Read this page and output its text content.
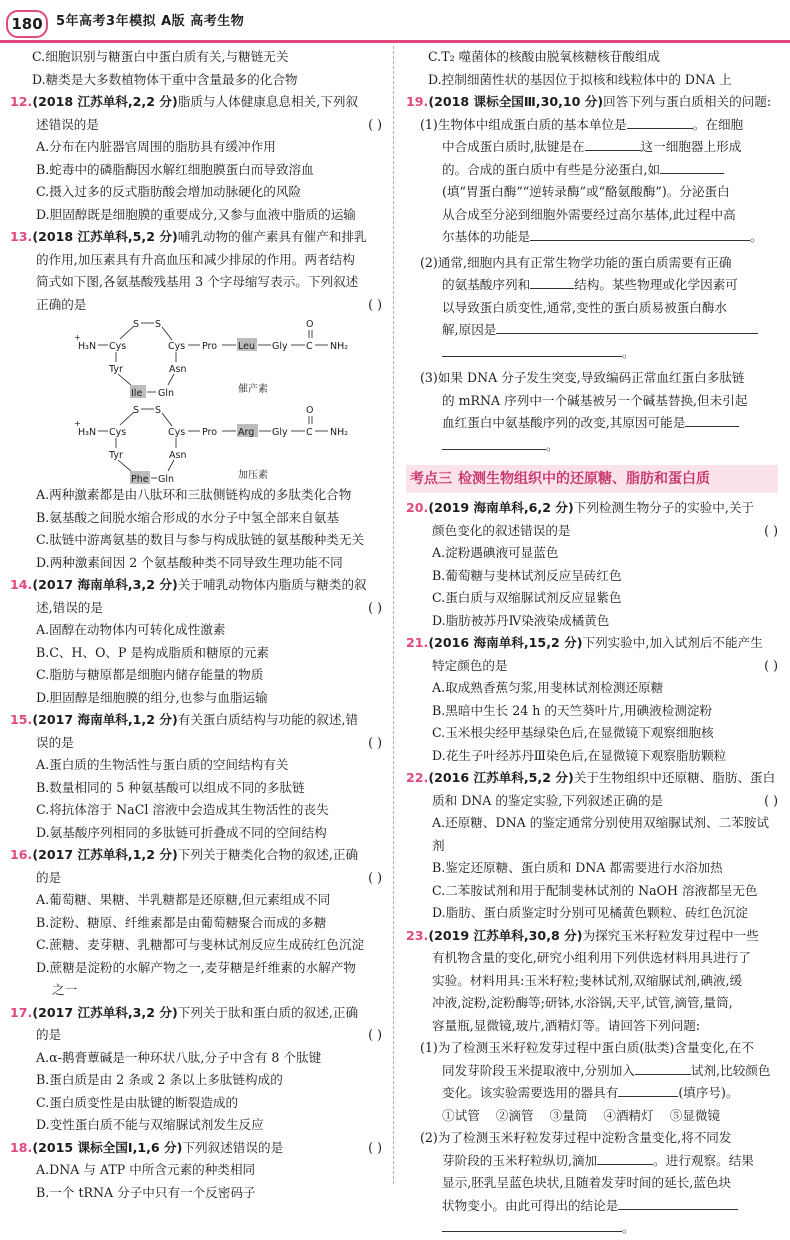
180	5年高考3年模拟 A版 高考生物
C.细胞识别与糖蛋白中蛋白质有关,与糖链无关
D.糖类是大多数植物体干重中含量最多的化合物
12.(2018 江苏单科,2,2 分)脂质与人体健康息息相关,下列叙
述错误的是	( )
A.分布在内脏器官周围的脂肪具有缓冲作用
B.蛇毒中的磷脂酶因水解红细胞膜蛋白而导致溶血
C.摄入过多的反式脂肪酸会增加动脉硬化的风险
D.胆固醇既是细胞膜的重要成分,又参与血液中脂质的运输
13.(2018 江苏单科,5,2 分)哺乳动物的催产素具有催产和排乳
的作用,加压素具有升高血压和减少排尿的作用。两者结构
简式如下图,各氨基酸残基用 3 个字母缩写表示。下列叙述
正确的是	( )
H₃N
+
Cys
S S
Cys Pro Leu Gly C
O
NH₂
Tyr	Asn
Ile Gln	催产素
H₃N
+
Cys
S S
Cys Pro Arg Gly C
O
NH₂
Tyr	Asn
Phe Gln	加压素
A.两种激素都是由八肽环和三肽侧链构成的多肽类化合物
B.氨基酸之间脱水缩合形成的水分子中氢全部来自氨基
C.肽链中游离氨基的数目与参与构成肽链的氨基酸种类无关
D.两种激素间因 2 个氨基酸种类不同导致生理功能不同
14.(2017 海南单科,3,2 分)关于哺乳动物体内脂质与糖类的叙
述,错误的是	( )
A.固醇在动物体内可转化成性激素
B.C、H、O、P 是构成脂质和糖原的元素
C.脂肪与糖原都是细胞内储存能量的物质
D.胆固醇是细胞膜的组分,也参与血脂运输
15.(2017 海南单科,1,2 分)有关蛋白质结构与功能的叙述,错
误的是	( )
A.蛋白质的生物活性与蛋白质的空间结构有关
B.数量相同的 5 种氨基酸可以组成不同的多肽链
C.将抗体溶于 NaCl 溶液中会造成其生物活性的丧失
D.氨基酸序列相同的多肽链可折叠成不同的空间结构
16.(2017 江苏单科,1,2 分)下列关于糖类化合物的叙述,正确
的是	( )
A.葡萄糖、果糖、半乳糖都是还原糖,但元素组成不同
B.淀粉、糖原、纤维素都是由葡萄糖聚合而成的多糖
C.蔗糖、麦芽糖、乳糖都可与斐林试剂反应生成砖红色沉淀
D.蔗糖是淀粉的水解产物之一,麦芽糖是纤维素的水解产物
之一
17.(2017 江苏单科,3,2 分)下列关于肽和蛋白质的叙述,正确
的是	( )
A.α-鹅膏蕈碱是一种环状八肽,分子中含有 8 个肽键
B.蛋白质是由 2 条或 2 条以上多肽链构成的
C.蛋白质变性是由肽键的断裂造成的
D.变性蛋白质不能与双缩脲试剂发生反应
18.(2015 课标全国Ⅰ,1,6 分)下列叙述错误的是	( )
A.DNA 与 ATP 中所含元素的种类相同
B.一个 tRNA 分子中只有一个反密码子
C.T₂ 噬菌体的核酸由脱氧核糖核苷酸组成
D.控制细菌性状的基因位于拟核和线粒体中的 DNA 上
19.(2018 课标全国Ⅲ,30,10 分)回答下列与蛋白质相关的问题:
(1)生物体中组成蛋白质的基本单位是	。在细胞
中合成蛋白质时,肽键是在	这一细胞器上形成
的。合成的蛋白质中有些是分泌蛋白,如
(填“胃蛋白酶”“逆转录酶”或“酪氨酸酶”)。分泌蛋白
从合成至分泌到细胞外需要经过高尔基体,此过程中高
尔基体的功能是	。
(2)通常,细胞内具有正常生物学功能的蛋白质需要有正确
的氨基酸序列和	结构。某些物理或化学因素可
以导致蛋白质变性,通常,变性的蛋白质易被蛋白酶水
解,原因是
。
(3)如果 DNA 分子发生突变,导致编码正常血红蛋白多肽链
的 mRNA 序列中一个碱基被另一个碱基替换,但未引起
血红蛋白中氨基酸序列的改变,其原因可能是
。
考点三 检测生物组织中的还原糖、脂肪和蛋白质
20.(2019 海南单科,6,2 分)下列检测生物分子的实验中,关于
颜色变化的叙述错误的是	( )
A.淀粉遇碘液可显蓝色
B.葡萄糖与斐林试剂反应呈砖红色
C.蛋白质与双缩脲试剂反应显紫色
D.脂肪被苏丹Ⅳ染液染成橘黄色
21.(2016 海南单科,15,2 分)下列实验中,加入试剂后不能产生
特定颜色的是	( )
A.取成熟香蕉匀浆,用斐林试剂检测还原糖
B.黑暗中生长 24 h 的天竺葵叶片,用碘液检测淀粉
C.玉米根尖经甲基绿染色后,在显微镜下观察细胞核
D.花生子叶经苏丹Ⅲ染色后,在显微镜下观察脂肪颗粒
22.(2016 江苏单科,5,2 分)关于生物组织中还原糖、脂肪、蛋白
质和 DNA 的鉴定实验,下列叙述正确的是	( )
A.还原糖、DNA 的鉴定通常分别使用双缩脲试剂、二苯胺试剂
B.鉴定还原糖、蛋白质和 DNA 都需要进行水浴加热
C.二苯胺试剂和用于配制斐林试剂的 NaOH 溶液都呈无色
D.脂肪、蛋白质鉴定时分别可见橘黄色颗粒、砖红色沉淀
23.(2019 江苏单科,30,8 分)为探究玉米籽粒发芽过程中一些
有机物含量的变化,研究小组利用下列供选材料用具进行了
实验。材料用具:玉米籽粒;斐林试剂,双缩脲试剂,碘液,缓
冲液,淀粉,淀粉酶等;研钵,水浴锅,天平,试管,滴管,量筒,
容量瓶,显微镜,玻片,酒精灯等。请回答下列问题:
(1)为了检测玉米籽粒发芽过程中蛋白质(肽类)含量变化,在不
同发芽阶段玉米提取液中,分别加入	试剂,比较颜色
变化。该实验需要选用的器具有	(填序号)。
①试管 ②滴管 ③量筒 ④酒精灯 ⑤显微镜
(2)为了检测玉米籽粒发芽过程中淀粉含量变化,将不同发
芽阶段的玉米籽粒纵切,滴加	。进行观察。结果
显示,胚乳呈蓝色块状,且随着发芽时间的延长,蓝色块
状物变小。由此可得出的结论是
。
